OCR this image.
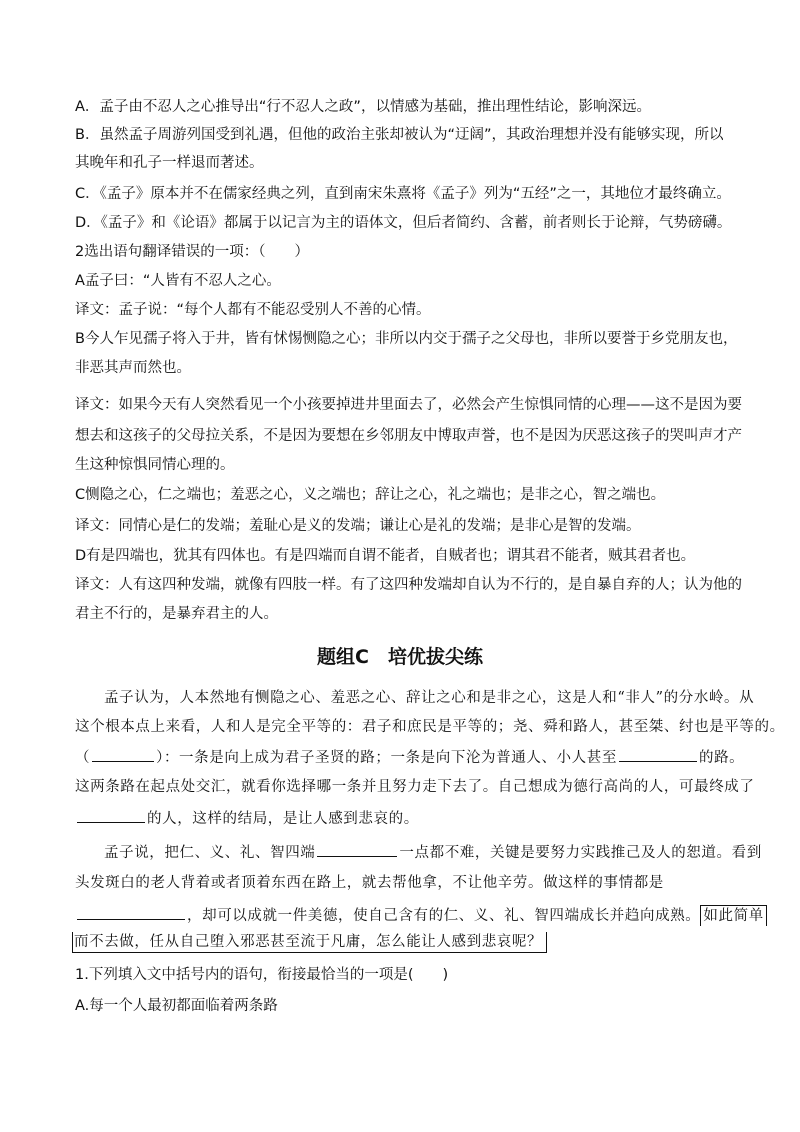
A．孟子由不忍人之心推导出“行不忍人之政”，以情感为基础，推出理性结论，影响深远。
B．虽然孟子周游列国受到礼遇，但他的政治主张却被认为“迂阔”，其政治理想并没有能够实现，所以
其晚年和孔子一样退而著述。
C．《孟子》原本并不在儒家经典之列，直到南宋朱熹将《孟子》列为“五经”之一，其地位才最终确立。
D．《孟子》和《论语》都属于以记言为主的语体文，但后者简约、含蓄，前者则长于论辩，气势磅礴。
2选出语句翻译错误的一项：（　　）
A孟子曰：“人皆有不忍人之心。
译文：孟子说：“每个人都有不能忍受别人不善的心情。
B今人乍见孺子将入于井，皆有怵惕恻隐之心；非所以内交于孺子之父母也，非所以要誉于乡党朋友也，
非恶其声而然也。
译文：如果今天有人突然看见一个小孩要掉进井里面去了，必然会产生惊惧同情的心理——这不是因为要
想去和这孩子的父母拉关系，不是因为要想在乡邻朋友中博取声誉，也不是因为厌恶这孩子的哭叫声才产
生这种惊惧同情心理的。
C恻隐之心，仁之端也；羞恶之心，义之端也；辞让之心，礼之端也；是非之心，智之端也。
译文：同情心是仁的发端；羞耻心是义的发端；谦让心是礼的发端；是非心是智的发端。
D有是四端也，犹其有四体也。有是四端而自谓不能者，自贼者也；谓其君不能者，贼其君者也。
译文：人有这四种发端，就像有四肢一样。有了这四种发端却自认为不行的，是自暴自弃的人；认为他的
君主不行的，是暴弃君主的人。
题组C　培优拔尖练
孟子认为，人本然地有恻隐之心、羞恶之心、辞让之心和是非之心，这是人和“非人”的分水岭。从
这个根本点上来看，人和人是完全平等的：君子和庶民是平等的；尧、舜和路人，甚至桀、纣也是平等的。
（	）：一条是向上成为君子圣贤的路；一条是向下沦为普通人、小人甚至	的路。
这两条路在起点处交汇，就看你选择哪一条并且努力走下去了。自己想成为德行高尚的人，可最终成了
的人，这样的结局，是让人感到悲哀的。
孟子说，把仁、义、礼、智四端	一点都不难，关键是要努力实践推己及人的恕道。看到
头发斑白的老人背着或者顶着东西在路上，就去帮他拿，不让他辛劳。做这样的事情都是
，却可以成就一件美德，使自己含有的仁、义、礼、智四端成长并趋向成熟。 如此简单
而不去做，任从自己堕入邪恶甚至流于凡庸，怎么能让人感到悲哀呢？
1.下列填入文中括号内的语句，衔接最恰当的一项是(　　)
A.每一个人最初都面临着两条路
